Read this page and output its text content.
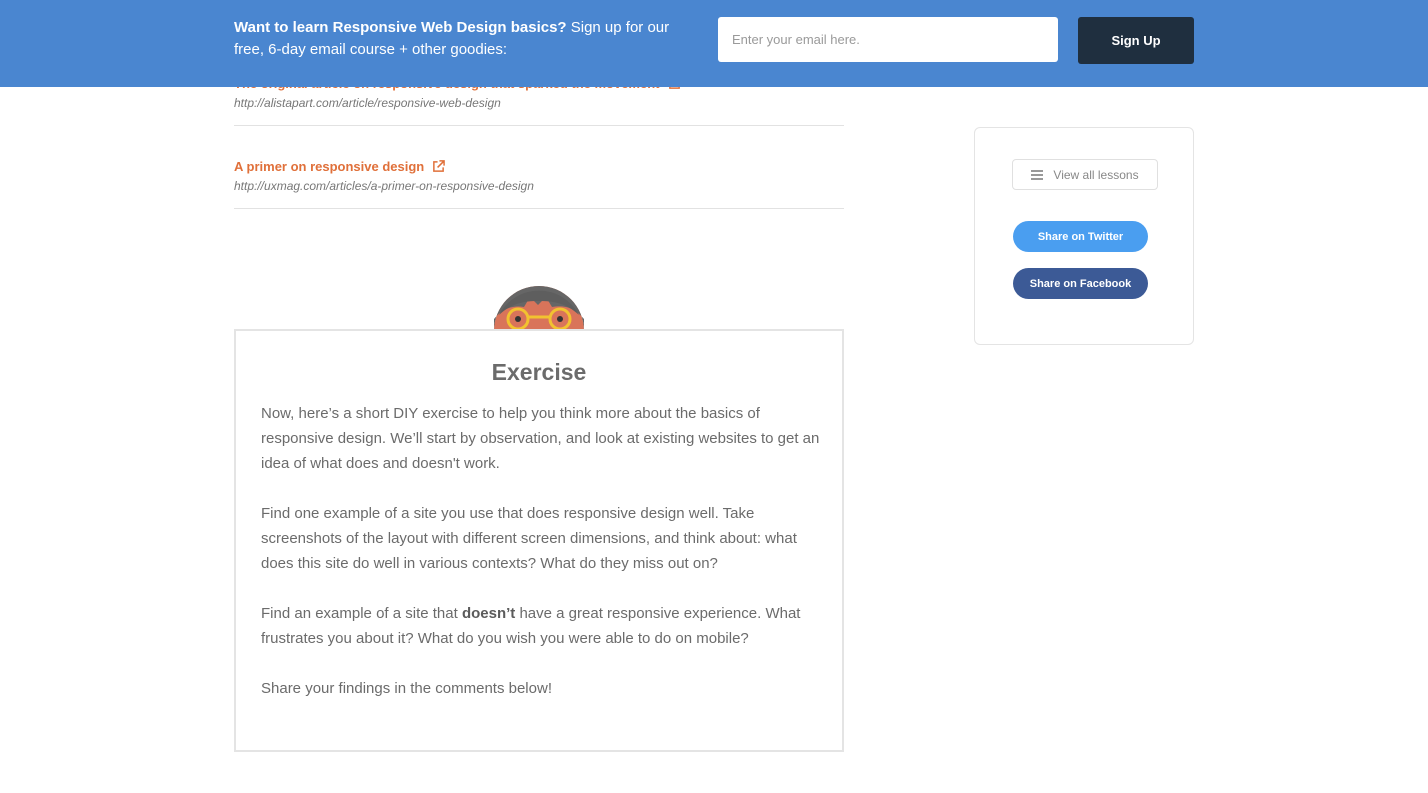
http://alistapart.com/article/responsive-web-design
A primer on responsive design
http://uxmag.com/articles/a-primer-on-responsive-design
Want to learn Responsive Web Design basics? Sign up for our free, 6-day email course + other goodies:
Enter your email here.
Sign Up
Exercise

Now, here’s a short DIY exercise to help you think more about the basics of responsive design. We’ll start by observation, and look at existing websites to get an idea of what does and doesn't work.

Find one example of a site you use that does responsive design well. Take screenshots of the layout with different screen dimensions, and think about: what does this site do well in various contexts? What do they miss out on?

Find an example of a site that doesn’t have a great responsive experience. What frustrates you about it? What do you wish you were able to do on mobile?

Share your findings in the comments below!

View all lessons
Share on Twitter
Share on Facebook
